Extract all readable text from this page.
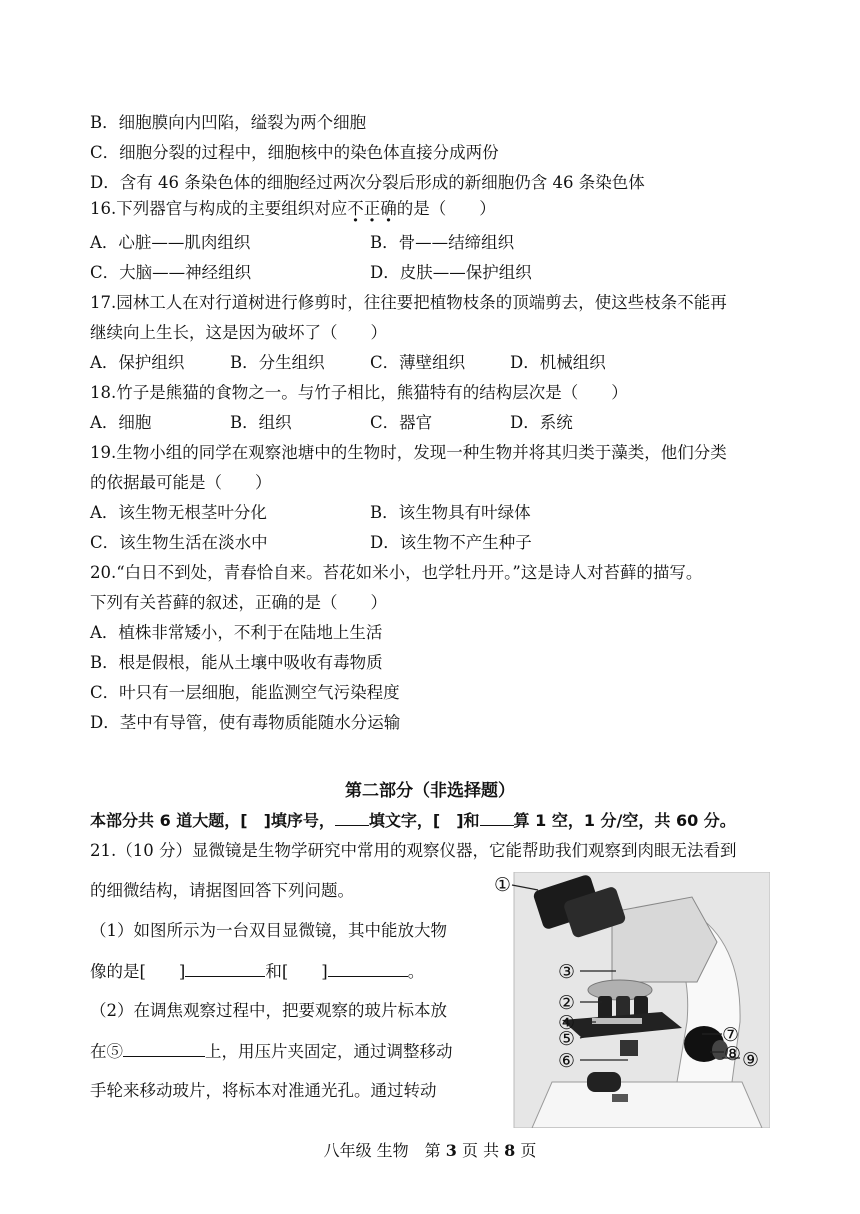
B．细胞膜向内凹陷，缢裂为两个细胞
C．细胞分裂的过程中，细胞核中的染色体直接分成两份
D．含有 46 条染色体的细胞经过两次分裂后形成的新细胞仍含 46 条染色体
16.下列器官与构成的主要组织对应不正确的是（　　）
A．心脏——肌肉组织	B．骨——结缔组织
C．大脑——神经组织	D．皮肤——保护组织
17.园林工人在对行道树进行修剪时，往往要把植物枝条的顶端剪去，使这些枝条不能再
继续向上生长，这是因为破坏了（　　）
A．保护组织	B．分生组织	C．薄壁组织	D．机械组织
18.竹子是熊猫的食物之一。与竹子相比，熊猫特有的结构层次是（　　）
A．细胞	B．组织	C．器官	D．系统
19.生物小组的同学在观察池塘中的生物时，发现一种生物并将其归类于藻类，他们分类
的依据最可能是（　　）
A．该生物无根茎叶分化	B．该生物具有叶绿体
C．该生物生活在淡水中	D．该生物不产生种子
20.“白日不到处，青春恰自来。苔花如米小，也学牡丹开。”这是诗人对苔藓的描写。
下列有关苔藓的叙述，正确的是（　　）
A．植株非常矮小，不利于在陆地上生活
B．根是假根，能从土壤中吸收有毒物质
C．叶只有一层细胞，能监测空气污染程度
D．茎中有导管，使有毒物质能随水分运输
第二部分（非选择题）
本部分共 6 道大题，[　]填序号， 填文字，[　]和 算 1 空，1 分/空，共 60 分。
21.（10 分）显微镜是生物学研究中常用的观察仪器，它能帮助我们观察到肉眼无法看到
的细微结构，请据图回答下列问题。
（1）如图所示为一台双目显微镜，其中能放大物
像的是[　　]	和[　　]	。
（2）在调焦观察过程中，把要观察的玻片标本放
在⑤	上，用压片夹固定，通过调整移动
手轮来移动玻片，将标本对准通光孔。通过转动
①
③
②
④
⑤
⑥
⑦
⑧ ⑨
八年级 生物　第 3 页 共 8 页
